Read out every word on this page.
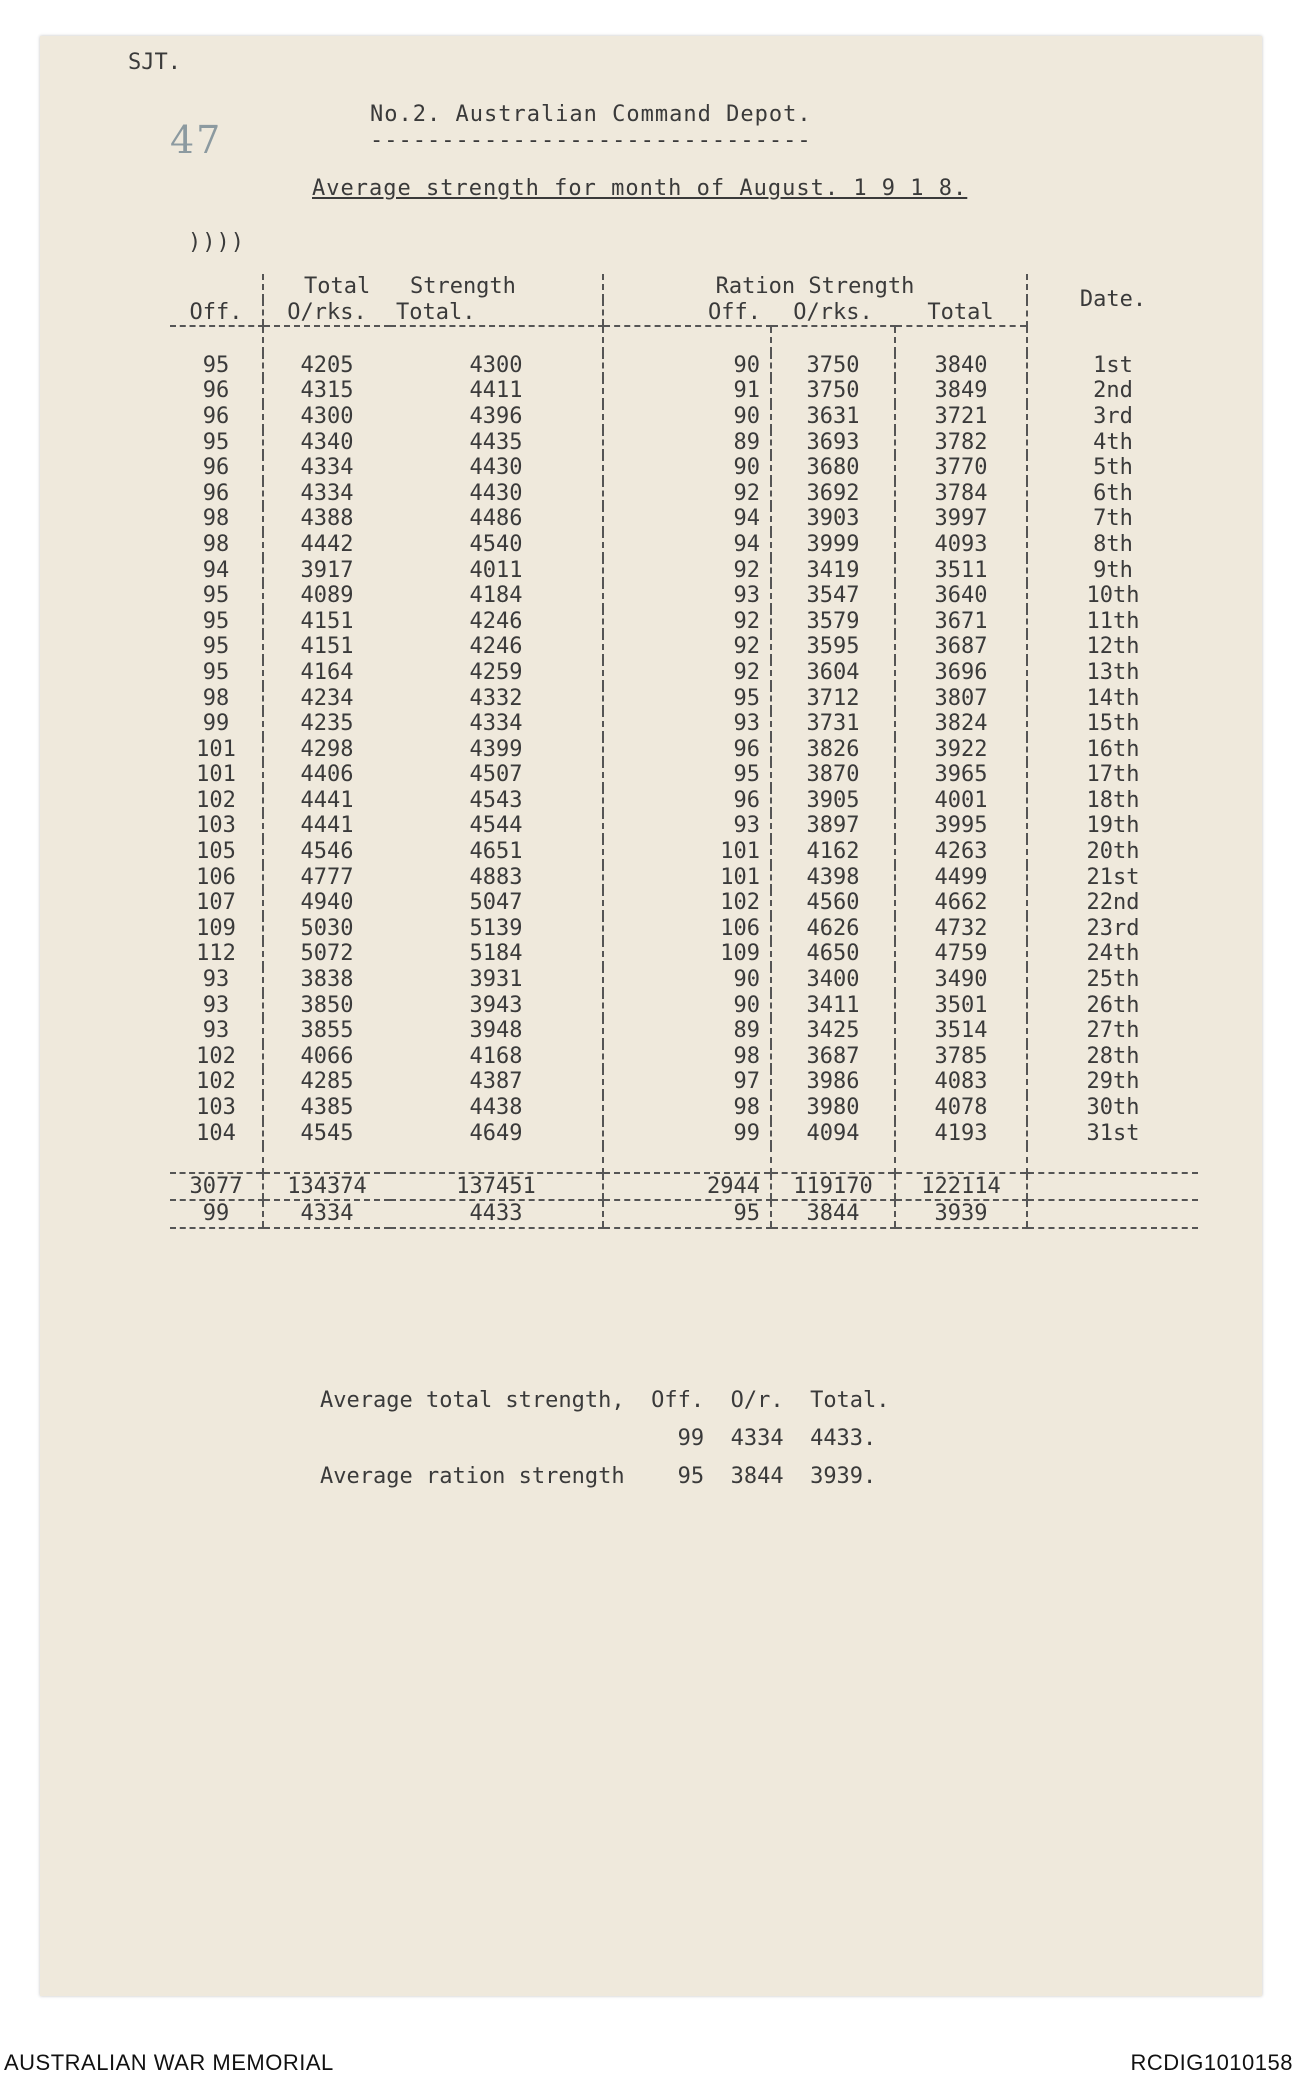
SJT.
47
No.2. Australian Command Depot.
-------------------------------
Average strength for month of August. 1 9 1 8.
))))
	Total   Strength		Ration Strength			Date.
Off.	O/rks.	Total.	Off.	O/rks.	Total	

95	4205	4300	90	3750	3840	1st
96	4315	4411	91	3750	3849	2nd
96	4300	4396	90	3631	3721	3rd
95	4340	4435	89	3693	3782	4th
96	4334	4430	90	3680	3770	5th
96	4334	4430	92	3692	3784	6th
98	4388	4486	94	3903	3997	7th
98	4442	4540	94	3999	4093	8th
94	3917	4011	92	3419	3511	9th
95	4089	4184	93	3547	3640	10th
95	4151	4246	92	3579	3671	11th
95	4151	4246	92	3595	3687	12th
95	4164	4259	92	3604	3696	13th
98	4234	4332	95	3712	3807	14th
99	4235	4334	93	3731	3824	15th
101	4298	4399	96	3826	3922	16th
101	4406	4507	95	3870	3965	17th
102	4441	4543	96	3905	4001	18th
103	4441	4544	93	3897	3995	19th
105	4546	4651	101	4162	4263	20th
106	4777	4883	101	4398	4499	21st
107	4940	5047	102	4560	4662	22nd
109	5030	5139	106	4626	4732	23rd
112	5072	5184	109	4650	4759	24th
93	3838	3931	90	3400	3490	25th
93	3850	3943	90	3411	3501	26th
93	3855	3948	89	3425	3514	27th
102	4066	4168	98	3687	3785	28th
102	4285	4387	97	3986	4083	29th
103	4385	4438	98	3980	4078	30th
104	4545	4649	99	4094	4193	31st

3077	134374	137451	2944	119170	122114	
99	4334	4433	95	3844	3939	
Average total strength,  Off.  O/r.  Total.
99  4334  4433.
Average ration strength    95  3844  3939.
AUSTRALIAN WAR MEMORIAL	RCDIG1010158
